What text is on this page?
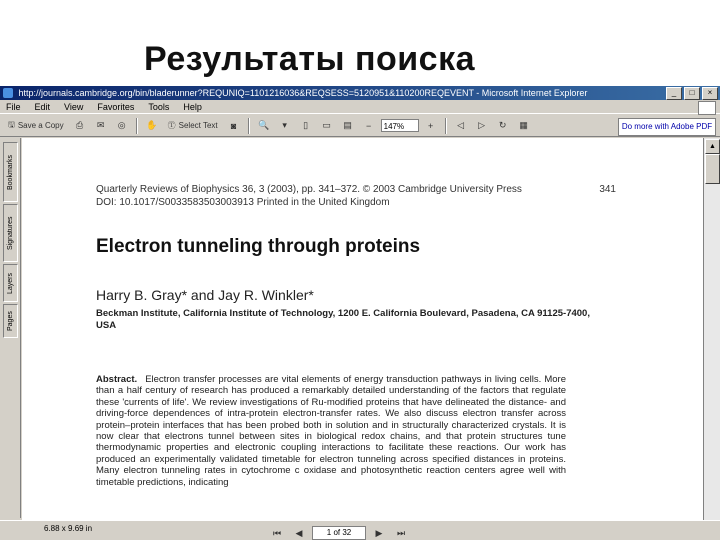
Результаты поиска
http://journals.cambridge.org/bin/bladerunner?REQUNIQ=1101216036&REQSESS=5120951&110200REQEVENT - Microsoft Internet Explorer	_	□	×
File Edit View Favorites Tools Help
🖫 Save a Copy ⎙ ✉ ◎ ✋ Ⓣ Select Text ◙ 🔍 ▾ ▯ ▭ ▤ −	147%	+	◁ ▷ ↻ ▦	Do more with Adobe PDF
Bookmarks
Signatures
Layers
Pages
Quarterly Reviews of Biophysics 36, 3 (2003), pp. 341–372. © 2003 Cambridge University Press
DOI: 10.1017/S0033583503003913 Printed in the United Kingdom
341
Electron tunneling through proteins
Harry B. Gray* and Jay R. Winkler*
Beckman Institute, California Institute of Technology, 1200 E. California Boulevard, Pasadena, CA 91125-7400, USA
Abstract. Electron transfer processes are vital elements of energy transduction pathways in living cells. More than a half century of research has produced a remarkably detailed understanding of the factors that regulate these 'currents of life'. We review investigations of Ru-modified proteins that have delineated the distance- and driving-force dependences of intra-protein electron-transfer rates. We also discuss electron transfer across protein–protein interfaces that has been probed both in solution and in structurally characterized crystals. It is now clear that electrons tunnel between sites in biological redox chains, and that protein structures tune thermodynamic properties and electronic coupling interactions to facilitate these reactions. Our work has produced an experimentally validated timetable for electron tunneling across specified distances in proteins. Many electron tunneling rates in cytochrome c oxidase and photosynthetic reaction centers agree well with timetable predictions, indicating
▲
6.88 x 9.69 in	⏮ ◀	1 of 32	▶ ⏭
